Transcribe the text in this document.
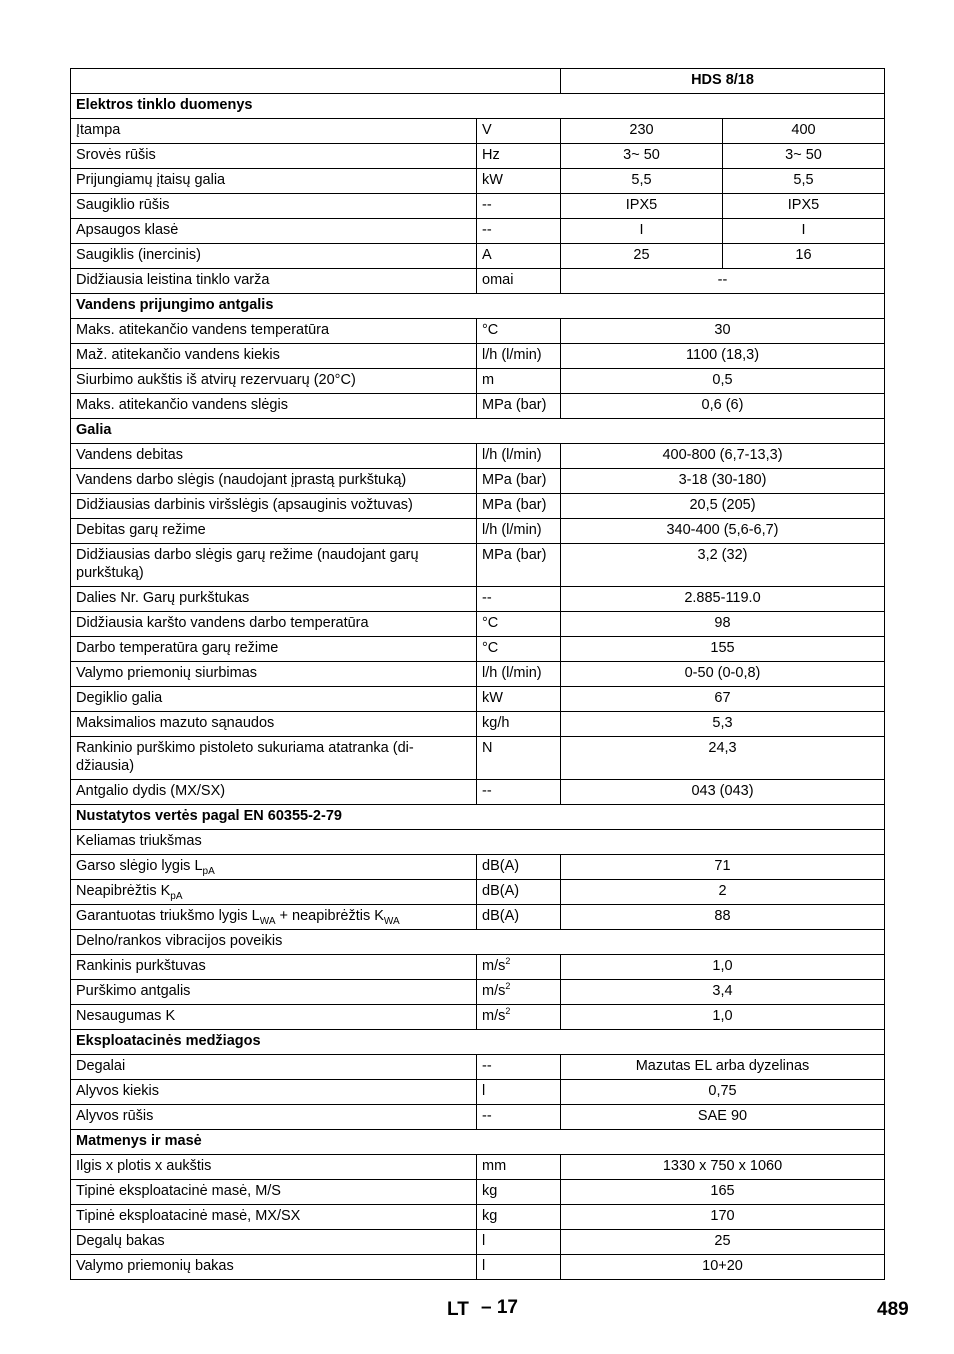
		HDS 8/18	
Elektros tinklo duomenys			
Įtampa	V	230	400
Srovės rūšis	Hz	3~ 50	3~ 50
Prijungiamų įtaisų galia	kW	5,5	5,5
Saugiklio rūšis	--	IPX5	IPX5
Apsaugos klasė	--	I	I
Saugiklis (inercinis)	A	25	16
Didžiausia leistina tinklo varža	omai	--	
Vandens prijungimo antgalis			
Maks. atitekančio vandens temperatūra	°C	30	
Maž. atitekančio vandens kiekis	l/h (l/min)	1100 (18,3)	
Siurbimo aukštis iš atvirų rezervuarų (20°C)	m	0,5	
Maks. atitekančio vandens slėgis	MPa (bar)	0,6 (6)	
Galia			
Vandens debitas	l/h (l/min)	400-800 (6,7-13,3)	
Vandens darbo slėgis (naudojant įprastą purkštuką)	MPa (bar)	3-18 (30-180)	
Didžiausias darbinis viršslėgis (apsauginis vožtuvas)	MPa (bar)	20,5 (205)	
Debitas garų režime	l/h (l/min)	340-400 (5,6-6,7)	
Didžiausias darbo slėgis garų režime (naudojant garų purkštuką)	MPa (bar)	3,2 (32)	
Dalies Nr. Garų purkštukas	--	2.885-119.0	
Didžiausia karšto vandens darbo temperatūra	°C	98	
Darbo temperatūra garų režime	°C	155	
Valymo priemonių siurbimas	l/h (l/min)	0-50 (0-0,8)	
Degiklio galia	kW	67	
Maksimalios mazuto sąnaudos	kg/h	5,3	
Rankinio purškimo pistoleto sukuriama atatranka (di-
džiausia)	N	24,3	
Antgalio dydis (MX/SX)	--	043 (043)	
Nustatytos vertės pagal EN 60355-2-79			
Keliamas triukšmas			
Garso slėgio lygis $L_{pA}$	dB(A)	71	
Neapibrėžtis $K_{pA}$	dB(A)	2	
Garantuotas triukšmo lygis $L_{WA}$ + neapibrėžtis $K_{WA}$	dB(A)	88	
Delno/rankos vibracijos poveikis			
Rankinis purkštuvas	$m/s^2$	1,0	
Purškimo antgalis	$m/s^2$	3,4	
Nesaugumas K	$m/s^2$	1,0	
Eksploatacinės medžiagos			
Degalai	--	Mazutas EL arba dyzelinas	
Alyvos kiekis	l	0,75	
Alyvos rūšis	--	SAE 90	
Matmenys ir masė			
Ilgis x plotis x aukštis	mm	1330 x 750 x 1060	
Tipinė eksploatacinė masė, M/S	kg	165	
Tipinė eksploatacinė masė, MX/SX	kg	170	
Degalų bakas	l	25	
Valymo priemonių bakas	l	10+20	
LT – 17	489
